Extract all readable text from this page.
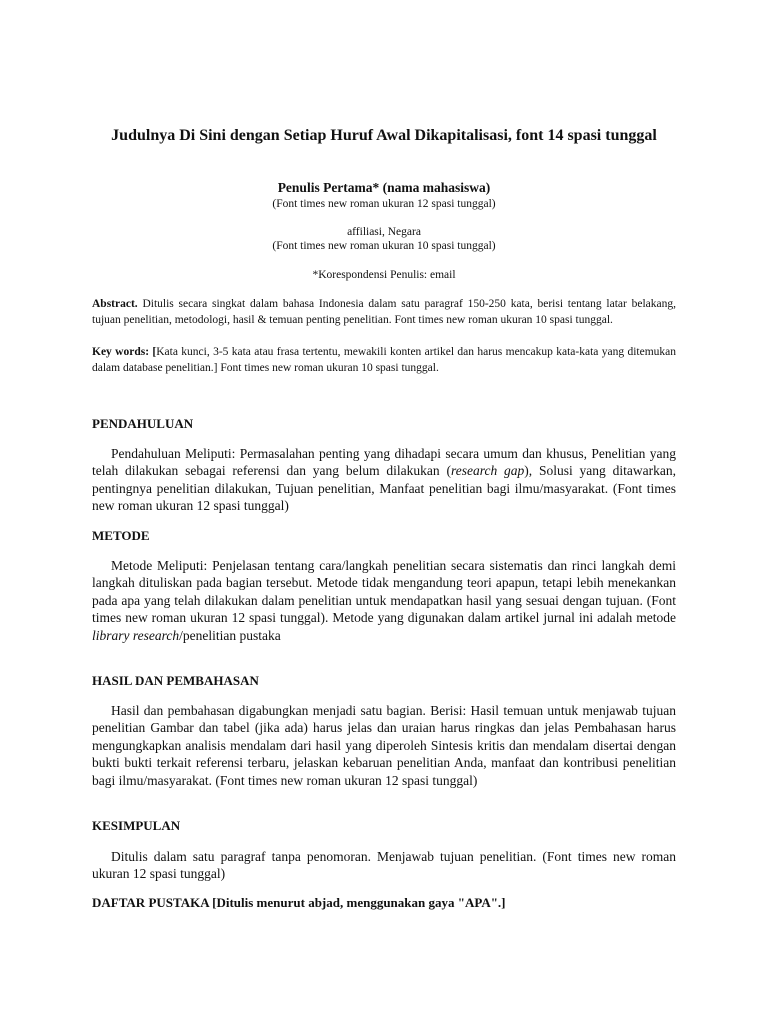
Judulnya Di Sini dengan Setiap Huruf Awal Dikapitalisasi, font 14 spasi tunggal
Penulis Pertama* (nama mahasiswa)
(Font times new roman ukuran 12 spasi tunggal)
affiliasi, Negara
(Font times new roman ukuran 10 spasi tunggal)
*Korespondensi Penulis: email

Abstract. Ditulis secara singkat dalam bahasa Indonesia dalam satu paragraf 150-250 kata, berisi tentang latar belakang, tujuan penelitian, metodologi, hasil & temuan penting penelitian. Font times new roman ukuran 10 spasi tunggal.

Key words: [Kata kunci, 3-5 kata atau frasa tertentu, mewakili konten artikel dan harus mencakup kata-kata yang ditemukan dalam database penelitian.] Font times new roman ukuran 10 spasi tunggal.

PENDAHULUAN

Pendahuluan Meliputi: Permasalahan penting yang dihadapi secara umum dan khusus, Penelitian yang telah dilakukan sebagai referensi dan yang belum dilakukan (research gap), Solusi yang ditawarkan, pentingnya penelitian dilakukan, Tujuan penelitian, Manfaat penelitian bagi ilmu/masyarakat. (Font times new roman ukuran 12 spasi tunggal)

METODE

Metode Meliputi: Penjelasan tentang cara/langkah penelitian secara sistematis dan rinci langkah demi langkah dituliskan pada bagian tersebut. Metode tidak mengandung teori apapun, tetapi lebih menekankan pada apa yang telah dilakukan dalam penelitian untuk mendapatkan hasil yang sesuai dengan tujuan. (Font times new roman ukuran 12 spasi tunggal). Metode yang digunakan dalam artikel jurnal ini adalah metode library research/penelitian pustaka

HASIL DAN PEMBAHASAN

Hasil dan pembahasan digabungkan menjadi satu bagian. Berisi: Hasil temuan untuk menjawab tujuan penelitian Gambar dan tabel (jika ada) harus jelas dan uraian harus ringkas dan jelas Pembahasan harus mengungkapkan analisis mendalam dari hasil yang diperoleh Sintesis kritis dan mendalam disertai dengan bukti bukti terkait referensi terbaru, jelaskan kebaruan penelitian Anda, manfaat dan kontribusi penelitian bagi ilmu/masyarakat. (Font times new roman ukuran 12 spasi tunggal)

KESIMPULAN

Ditulis dalam satu paragraf tanpa penomoran. Menjawab tujuan penelitian. (Font times new roman ukuran 12 spasi tunggal)

DAFTAR PUSTAKA [Ditulis menurut abjad, menggunakan gaya "APA".]
